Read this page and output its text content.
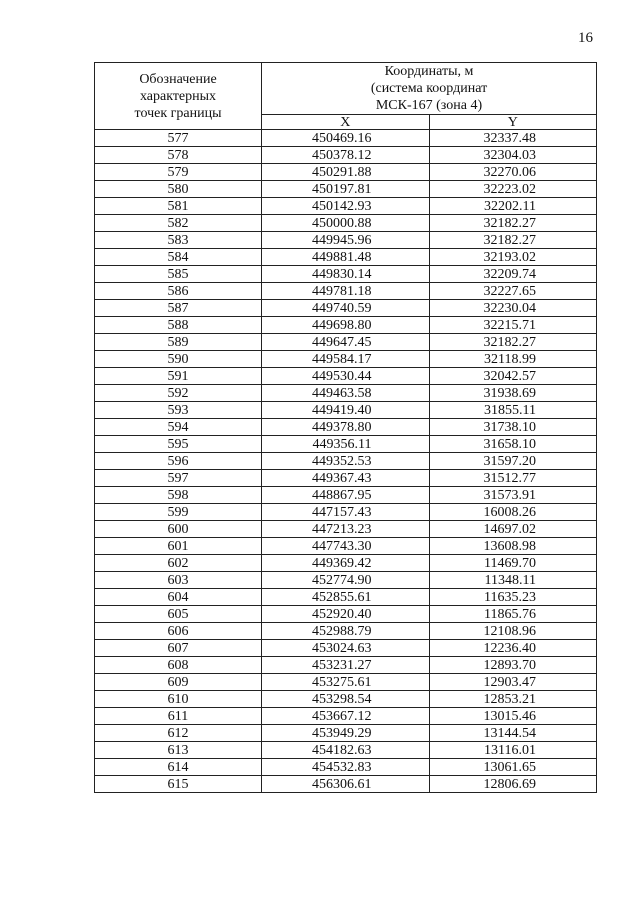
16
Обозначение
характерных
точек границы	Координаты, м
(система координат
МСК-167 (зона 4)	
	X	Y
577	450469.16	32337.48
578	450378.12	32304.03
579	450291.88	32270.06
580	450197.81	32223.02
581	450142.93	32202.11
582	450000.88	32182.27
583	449945.96	32182.27
584	449881.48	32193.02
585	449830.14	32209.74
586	449781.18	32227.65
587	449740.59	32230.04
588	449698.80	32215.71
589	449647.45	32182.27
590	449584.17	32118.99
591	449530.44	32042.57
592	449463.58	31938.69
593	449419.40	31855.11
594	449378.80	31738.10
595	449356.11	31658.10
596	449352.53	31597.20
597	449367.43	31512.77
598	448867.95	31573.91
599	447157.43	16008.26
600	447213.23	14697.02
601	447743.30	13608.98
602	449369.42	11469.70
603	452774.90	11348.11
604	452855.61	11635.23
605	452920.40	11865.76
606	452988.79	12108.96
607	453024.63	12236.40
608	453231.27	12893.70
609	453275.61	12903.47
610	453298.54	12853.21
611	453667.12	13015.46
612	453949.29	13144.54
613	454182.63	13116.01
614	454532.83	13061.65
615	456306.61	12806.69
